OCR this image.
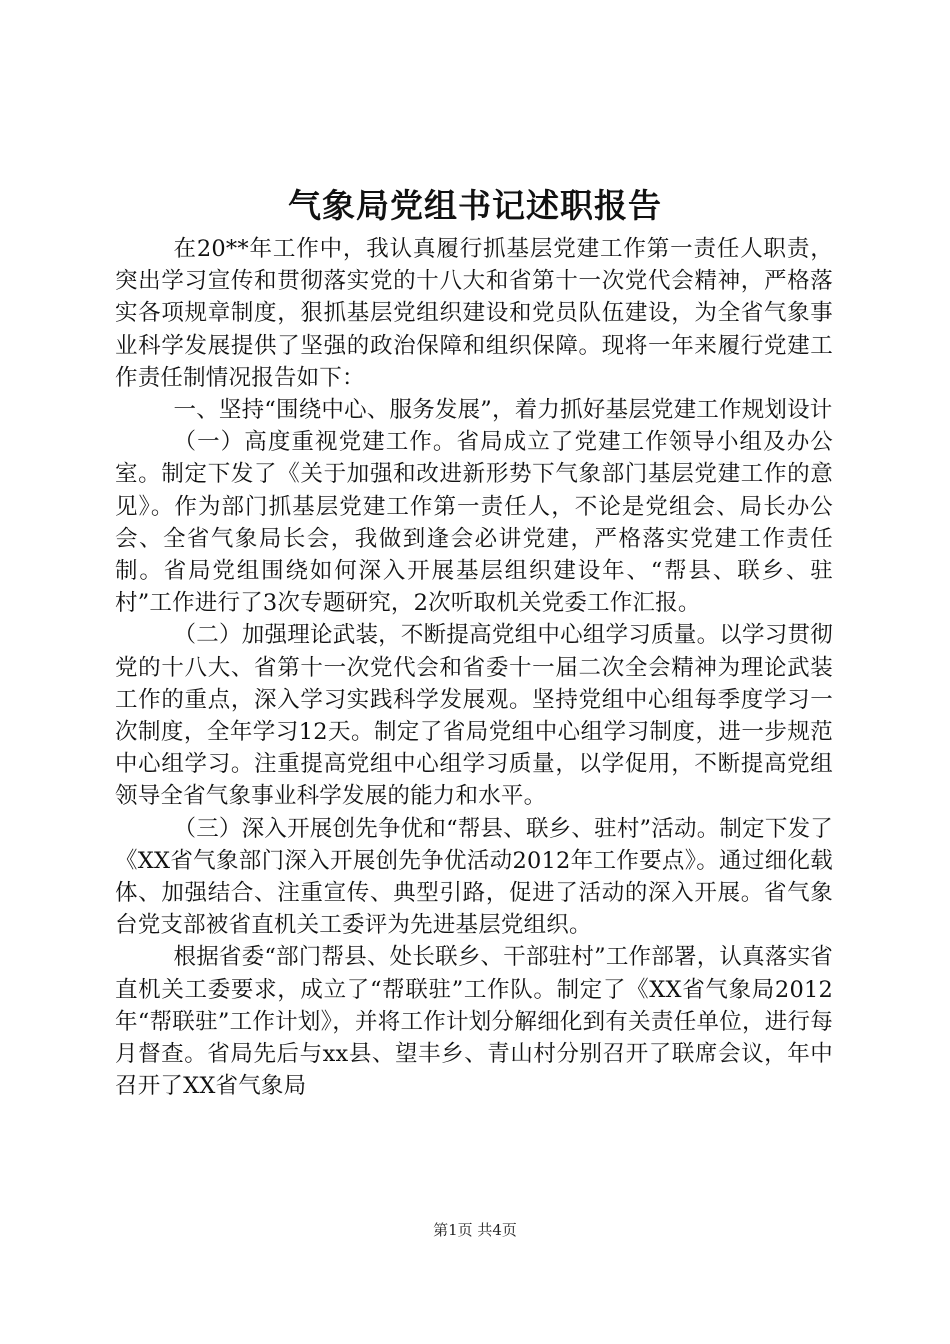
气象局党组书记述职报告

在20**年工作中，我认真履行抓基层党建工作第一责任人职责，突出学习宣传和贯彻落实党的十八大和省第十一次党代会精神，严格落实各项规章制度，狠抓基层党组织建设和党员队伍建设，为全省气象事业科学发展提供了坚强的政治保障和组织保障。现将一年来履行党建工作责任制情况报告如下：

一、坚持“围绕中心、服务发展”，着力抓好基层党建工作规划设计

（一）高度重视党建工作。省局成立了党建工作领导小组及办公室。制定下发了《关于加强和改进新形势下气象部门基层党建工作的意见》。作为部门抓基层党建工作第一责任人，不论是党组会、局长办公会、全省气象局长会，我做到逢会必讲党建，严格落实党建工作责任制。省局党组围绕如何深入开展基层组织建设年、“帮县、联乡、驻村”工作进行了3次专题研究，2次听取机关党委工作汇报。

（二）加强理论武装，不断提高党组中心组学习质量。以学习贯彻党的十八大、省第十一次党代会和省委十一届二次全会精神为理论武装工作的重点，深入学习实践科学发展观。坚持党组中心组每季度学习一次制度，全年学习12天。制定了省局党组中心组学习制度，进一步规范中心组学习。注重提高党组中心组学习质量，以学促用，不断提高党组领导全省气象事业科学发展的能力和水平。

（三）深入开展创先争优和“帮县、联乡、驻村”活动。制定下发了《XX省气象部门深入开展创先争优活动2012年工作要点》。通过细化载体、加强结合、注重宣传、典型引路，促进了活动的深入开展。省气象台党支部被省直机关工委评为先进基层党组织。

根据省委“部门帮县、处长联乡、干部驻村”工作部署，认真落实省直机关工委要求，成立了“帮联驻”工作队。制定了《XX省气象局2012年“帮联驻”工作计划》，并将工作计划分解细化到有关责任单位，进行每月督查。省局先后与xx县、望丰乡、青山村分别召开了联席会议，年中召开了XX省气象局

第1页 共4页
